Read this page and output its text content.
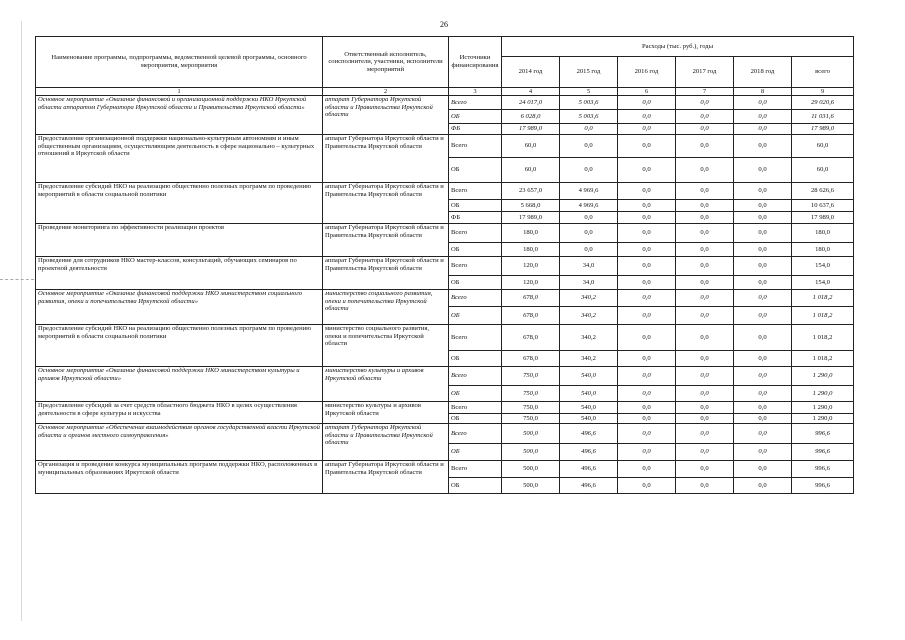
26
Наименование программы, подпрограммы, ведомственной целевой программы, основного мероприятия, мероприятия	Ответственный исполнитель, соисполнители, участники, исполнители мероприятий	Источники финансирования	Расходы (тыс. руб.), годы					
			2014 год	2015 год	2016 год	2017 год	2018 год	всего
1	2	3	4	5	6	7	8	9
Основное мероприятие «Оказание финансовой и организационной поддержки НКО Иркутской области аппаратом Губернатора Иркутской области и Правительства Иркутской области»	аппарат Губернатора Иркутской области и Правительства Иркутской области	Всего	24 017,0	5 003,6	0,0	0,0	0,0	29 020,6
		ОБ	6 028,0	5 003,6	0,0	0,0	0,0	11 031,6
		ФБ	17 989,0	0,0	0,0	0,0	0,0	17 989,0
Предоставление организационной поддержки национально-культурным автономиям и иным общественным организациям, осуществляющим деятельность в сфере национально – культурных отношений в Иркутской области	аппарат Губернатора Иркутской области и Правительства Иркутской области	Всего	60,0	0,0	0,0	0,0	0,0	60,0
		ОБ	60,0	0,0	0,0	0,0	0,0	60,0
Предоставление субсидий НКО на реализацию общественно полезных программ по проведению мероприятий в области социальной политики	аппарат Губернатора Иркутской области и Правительства Иркутской области	Всего	23 657,0	4 969,6	0,0	0,0	0,0	28 626,6
		ОБ	5 668,0	4 969,6	0,0	0,0	0,0	10 637,6
		ФБ	17 989,0	0,0	0,0	0,0	0,0	17 989,0
Проведение мониторинга по эффективности реализации проектов	аппарат Губернатора Иркутской области и Правительства Иркутской области	Всего	180,0	0,0	0,0	0,0	0,0	180,0
		ОБ	180,0	0,0	0,0	0,0	0,0	180,0
Проведение для сотрудников НКО мастер-классов, консультаций, обучающих семинаров по проектной деятельности	аппарат Губернатора Иркутской области и Правительства Иркутской области	Всего	120,0	34,0	0,0	0,0	0,0	154,0
		ОБ	120,0	34,0	0,0	0,0	0,0	154,0
Основное мероприятие «Оказание финансовой поддержки НКО министерством социального развития, опеки и попечительства Иркутской области»	министерство социального развития, опеки и попечительства Иркутской области	Всего	678,0	340,2	0,0	0,0	0,0	1 018,2
		ОБ	678,0	340,2	0,0	0,0	0,0	1 018,2
Предоставление субсидий НКО на реализацию общественно полезных программ по проведению мероприятий в области социальной политики	министерство социального развития, опеки и попечительства Иркутской области	Всего	678,0	340,2	0,0	0,0	0,0	1 018,2
		ОБ	678,0	340,2	0,0	0,0	0,0	1 018,2
Основное мероприятие «Оказание финансовой поддержки НКО министерством культуры и архивов Иркутской области»	министерство культуры и архивов Иркутской области	Всего	750,0	540,0	0,0	0,0	0,0	1 290,0
		ОБ	750,0	540,0	0,0	0,0	0,0	1 290,0
Предоставление субсидий за счет средств областного бюджета НКО в целях осуществления деятельности в сфере культуры и искусства	министерство культуры и архивов Иркутской области	Всего	750,0	540,0	0,0	0,0	0,0	1 290,0
		ОБ	750,0	540,0	0,0	0,0	0,0	1 290,0
Основное мероприятие «Обеспечение взаимодействия органов государственной власти Иркутской области и органов местного самоуправления»	аппарат Губернатора Иркутской области и Правительства Иркутской области	Всего	500,0	496,6	0,0	0,0	0,0	996,6
		ОБ	500,0	496,6	0,0	0,0	0,0	996,6
Организация и проведение конкурса муниципальных программ поддержки НКО, расположенных в муниципальных образованиях Иркутской области	аппарат Губернатора Иркутской области и Правительства Иркутской области	Всего	500,0	496,6	0,0	0,0	0,0	996,6
		ОБ	500,0	496,6	0,0	0,0	0,0	996,6
